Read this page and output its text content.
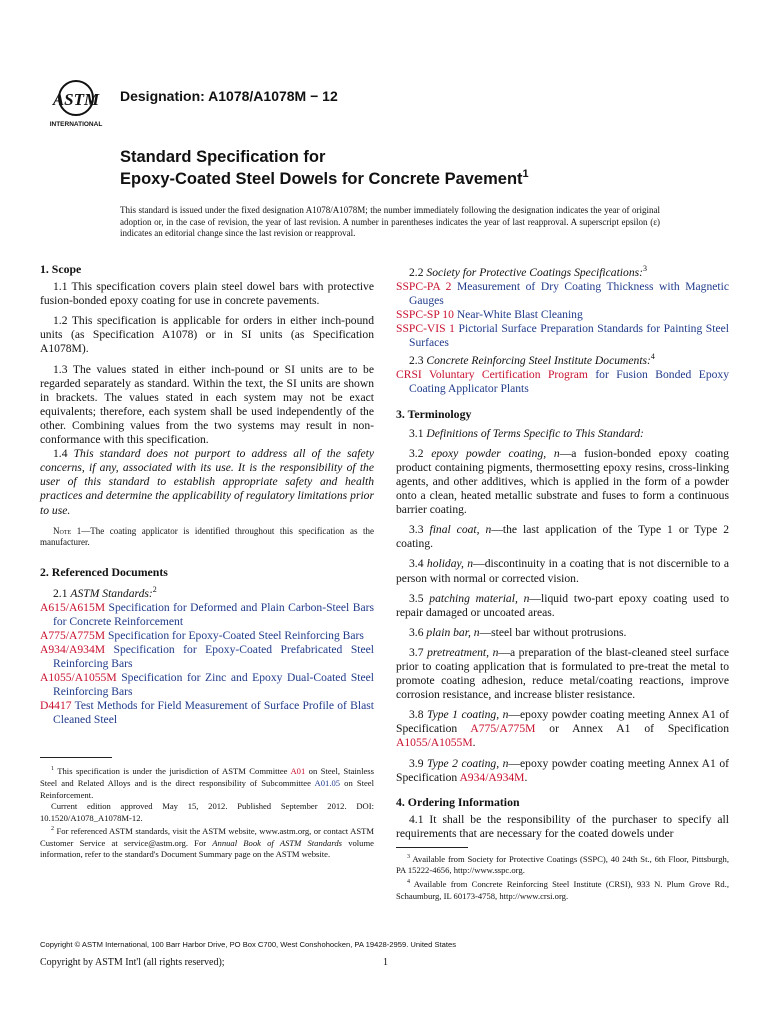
ASTM
INTERNATIONAL
Designation: A1078/A1078M − 12
Standard Specification for
Epoxy-Coated Steel Dowels for Concrete Pavement$^1$
This standard is issued under the fixed designation A1078/A1078M; the number immediately following the designation indicates the year of original adoption or, in the case of revision, the year of last revision. A number in parentheses indicates the year of last reapproval. A superscript epsilon (ε) indicates an editorial change since the last revision or reapproval.
1. Scope

1.1 This specification covers plain steel dowel bars with protective fusion-bonded epoxy coating for use in concrete pavements.

1.2 This specification is applicable for orders in either inch-pound units (as Specification A1078) or in SI units (as Specification A1078M).

1.3 The values stated in either inch-pound or SI units are to be regarded separately as standard. Within the text, the SI units are shown in brackets. The values stated in each system may not be exact equivalents; therefore, each system shall be used independently of the other. Combining values from the two systems may result in non-conformance with this specification.

1.4 This standard does not purport to address all of the safety concerns, if any, associated with its use. It is the responsibility of the user of this standard to establish appropriate safety and health practices and determine the applicability of regulatory limitations prior to use.

Note 1—The coating applicator is identified throughout this specification as the manufacturer.

2. Referenced Documents

2.1 ASTM Standards:$^2$

A615/A615M Specification for Deformed and Plain Carbon-Steel Bars for Concrete Reinforcement

A775/A775M Specification for Epoxy-Coated Steel Reinforcing Bars

A934/A934M Specification for Epoxy-Coated Prefabricated Steel Reinforcing Bars

A1055/A1055M Specification for Zinc and Epoxy Dual-Coated Steel Reinforcing Bars

D4417 Test Methods for Field Measurement of Surface Profile of Blast Cleaned Steel

$^1$ This specification is under the jurisdiction of ASTM Committee A01 on Steel, Stainless Steel and Related Alloys and is the direct responsibility of Subcommittee A01.05 on Steel Reinforcement.

Current edition approved May 15, 2012. Published September 2012. DOI: 10.1520/A1078_A1078M-12.

$^2$ For referenced ASTM standards, visit the ASTM website, www.astm.org, or contact ASTM Customer Service at service@astm.org. For Annual Book of ASTM Standards volume information, refer to the standard's Document Summary page on the ASTM website.

2.2 Society for Protective Coatings Specifications:$^3$

SSPC-PA 2 Measurement of Dry Coating Thickness with Magnetic Gauges

SSPC-SP 10 Near-White Blast Cleaning

SSPC-VIS 1 Pictorial Surface Preparation Standards for Painting Steel Surfaces

2.3 Concrete Reinforcing Steel Institute Documents:$^4$

CRSI Voluntary Certification Program for Fusion Bonded Epoxy Coating Applicator Plants

3. Terminology

3.1 Definitions of Terms Specific to This Standard:

3.2 epoxy powder coating, n—a fusion-bonded epoxy coating product containing pigments, thermosetting epoxy resins, cross-linking agents, and other additives, which is applied in the form of a powder onto a clean, heated metallic substrate and fuses to form a continuous barrier coating.

3.3 final coat, n—the last application of the Type 1 or Type 2 coating.

3.4 holiday, n—discontinuity in a coating that is not discernible to a person with normal or corrected vision.

3.5 patching material, n—liquid two-part epoxy coating used to repair damaged or uncoated areas.

3.6 plain bar, n—steel bar without protrusions.

3.7 pretreatment, n—a preparation of the blast-cleaned steel surface prior to coating application that is formulated to pre-treat the metal to promote coating adhesion, reduce metal/coating reactions, improve corrosion resistance, and increase blister resistance.

3.8 Type 1 coating, n—epoxy powder coating meeting Annex A1 of Specification A775/A775M or Annex A1 of Specification A1055/A1055M.

3.9 Type 2 coating, n—epoxy powder coating meeting Annex A1 of Specification A934/A934M.

4. Ordering Information

4.1 It shall be the responsibility of the purchaser to specify all requirements that are necessary for the coated dowels under

$^3$ Available from Society for Protective Coatings (SSPC), 40 24th St., 6th Floor, Pittsburgh, PA 15222-4656, http://www.sspc.org.

$^4$ Available from Concrete Reinforcing Steel Institute (CRSI), 933 N. Plum Grove Rd., Schaumburg, IL 60173-4758, http://www.crsi.org.

Copyright © ASTM International, 100 Barr Harbor Drive, PO Box C700, West Conshohocken, PA 19428-2959. United States
Copyright by ASTM Int'l (all rights reserved);	1
